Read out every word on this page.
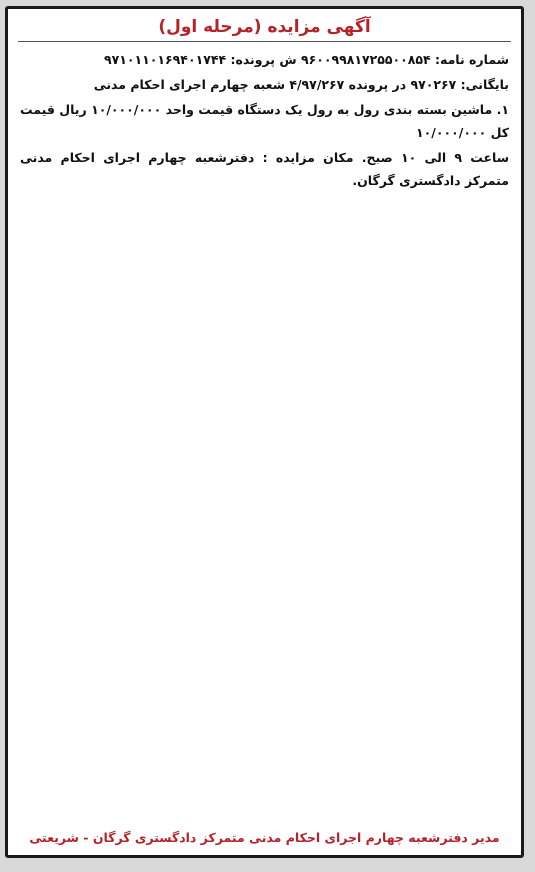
آگهی مزایده (مرحله اول)

شماره نامه: ۹۶۰۰۹۹۸۱۷۲۵۵۰۰۸۵۴ ش پرونده: ۹۷۱۰۱۱۰۱۶۹۴۰۱۷۴۴

بایگانی: ۹۷۰۲۶۷ در پرونده ۴/۹۷/۲۶۷ شعبه چهارم اجرای احکام مدنی

۱. ماشین بسته بندی رول به رول یک دستگاه قیمت واحد ۱۰/۰۰۰/۰۰۰ ریال قیمت کل ۱۰/۰۰۰/۰۰۰

ساعت ۹ الی ۱۰ صبح. مکان مزایده : دفترشعبه چهارم اجرای احکام مدنی متمرکز دادگستری گرگان.

مدیر دفترشعبه چهارم اجرای احکام مدنی متمرکز دادگستری گرگان - شریعتی
